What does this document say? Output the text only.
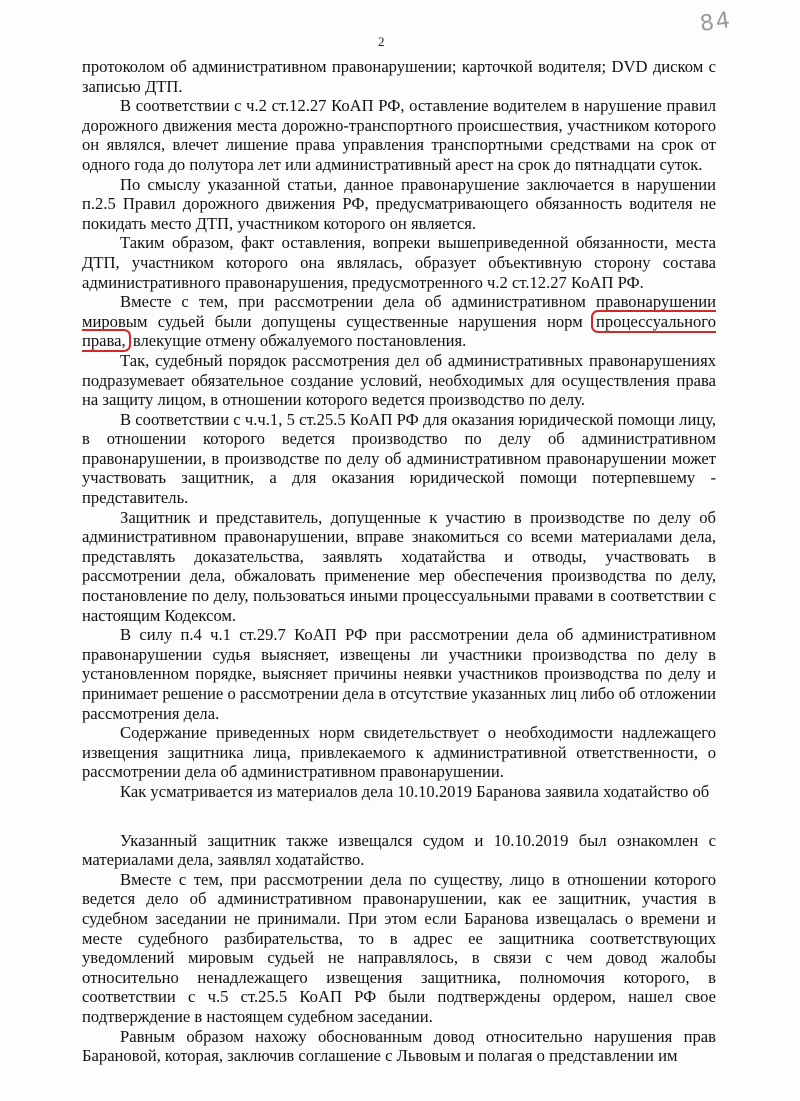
2
84

протоколом об административном правонарушении; карточкой водителя; DVD диском с записью ДТП.

В соответствии с ч.2 ст.12.27 КоАП РФ, оставление водителем в нарушение правил дорожного движения места дорожно-транспортного происшествия, участником которого он являлся, влечет лишение права управления транспортными средствами на срок от одного года до полутора лет или административный арест на срок до пятнадцати суток.

По смыслу указанной статьи, данное правонарушение заключается в нарушении п.2.5 Правил дорожного движения РФ, предусматривающего обязанность водителя не покидать место ДТП, участником которого он является.

Таким образом, факт оставления, вопреки вышеприведенной обязанности, места ДТП, участником которого она являлась, образует объективную сторону состава административного правонарушения, предусмотренного ч.2 ст.12.27 КоАП РФ.

Вместе с тем, при рассмотрении дела об административном правонарушении мировым судьей были допущены существенные нарушения норм процессуального права, влекущие отмену обжалуемого постановления.

Так, судебный порядок рассмотрения дел об административных правонарушениях подразумевает обязательное создание условий, необходимых для осуществления права на защиту лицом, в отношении которого ведется производство по делу.

В соответствии с ч.ч.1, 5 ст.25.5 КоАП РФ для оказания юридической помощи лицу, в отношении которого ведется производство по делу об административном правонарушении, в производстве по делу об административном правонарушении может участвовать защитник, а для оказания юридической помощи потерпевшему - представитель.

Защитник и представитель, допущенные к участию в производстве по делу об административном правонарушении, вправе знакомиться со всеми материалами дела, представлять доказательства, заявлять ходатайства и отводы, участвовать в рассмотрении дела, обжаловать применение мер обеспечения производства по делу, постановление по делу, пользоваться иными процессуальными правами в соответствии с настоящим Кодексом.

В силу п.4 ч.1 ст.29.7 КоАП РФ при рассмотрении дела об административном правонарушении судья выясняет, извещены ли участники производства по делу в установленном порядке, выясняет причины неявки участников производства по делу и принимает решение о рассмотрении дела в отсутствие указанных лиц либо об отложении рассмотрения дела.

Содержание приведенных норм свидетельствует о необходимости надлежащего извещения защитника лица, привлекаемого к административной ответственности, о рассмотрении дела об административном правонарушении.

Как усматривается из материалов дела 10.10.2019 Баранова заявила ходатайство об

Указанный защитник также извещался судом и 10.10.2019 был ознакомлен с материалами дела, заявлял ходатайство.

Вместе с тем, при рассмотрении дела по существу, лицо в отношении которого ведется дело об административном правонарушении, как ее защитник, участия в судебном заседании не принимали. При этом если Баранова извещалась о времени и месте судебного разбирательства, то в адрес ее защитника соответствующих уведомлений мировым судьей не направлялось, в связи с чем довод жалобы относительно ненадлежащего извещения защитника, полномочия которого, в соответствии с ч.5 ст.25.5 КоАП РФ были подтверждены ордером, нашел свое подтверждение в настоящем судебном заседании.

Равным образом нахожу обоснованным довод относительно нарушения прав Барановой, которая, заключив соглашение с Львовым и полагая о представлении им
